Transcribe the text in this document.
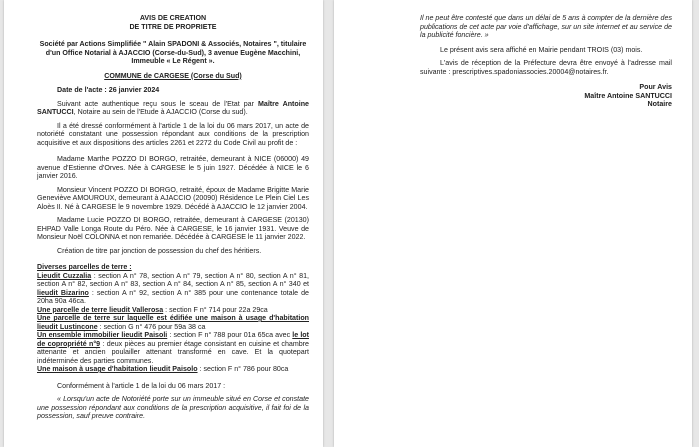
AVIS DE CREATION
DE TITRE DE PROPRIETE

Société par Actions Simplifiée " Alain SPADONI & Associés, Notaires ", titulaire d'un Office Notarial à AJACCIO (Corse-du-Sud), 3 avenue Eugène Macchini, Immeuble « Le Régent ».

COMMUNE de CARGESE (Corse du Sud)

Date de l'acte : 26 janvier 2024

Suivant acte authentique reçu sous le sceau de l'Etat par Maître Antoine SANTUCCI, Notaire au sein de l'Etude à AJACCIO (Corse du sud).

Il a été dressé conformément à l'article 1 de la loi du 06 mars 2017, un acte de notoriété constatant une possession répondant aux conditions de la prescription acquisitive et aux dispositions des articles 2261 et 2272 du Code Civil au profit de :

Madame Marthe POZZO DI BORGO, retraitée, demeurant à NICE (06000) 49 avenue d'Estienne d'Orves. Née à CARGESE le 5 juin 1927. Décédée à NICE le 6 janvier 2016.

Monsieur Vincent POZZO DI BORGO, retraité, époux de Madame Brigitte Marie Geneviève AMOUROUX, demeurant à AJACCIO (20090) Résidence Le Plein Ciel Les Aloès II. Né à CARGESE le 9 novembre 1929. Décédé à AJACCIO le 12 janvier 2004.

Madame Lucie POZZO DI BORGO, retraitée, demeurant à CARGESE (20130) EHPAD Valle Longa Route du Péro. Née à CARGESE, le 16 janvier 1931. Veuve de Monsieur Noël COLONNA et non remariée. Décédée à CARGESE le 11 janvier 2022.

Création de titre par jonction de possession du chef des héritiers.

Diverses parcelles de terre :
Lieudit Cuzzalia : section A n° 78, section A n° 79, section A n° 80, section A n° 81, section A n° 82, section A n° 83, section A n° 84, section A n° 85, section A n° 340 et lieudit Bizarino : section A n° 92, section A n° 385 pour une contenance totale de 20ha 90a 46ca.
Une parcelle de terre lieudit Vallerosa : section F n° 714 pour 22a 29ca
Une parcelle de terre sur laquelle est édifiée une maison à usage d'habitation lieudit Lustincone : section G n° 476 pour 59a 38 ca
Un ensemble immobilier lieudit Paisoli : section F n° 788 pour 01a 65ca avec le lot de copropriété n°9 : deux pièces au premier étage consistant en cuisine et chambre attenante et ancien poulailler attenant transformé en cave. Et la quotepart indéterminée des parties communes.
Une maison à usage d'habitation lieudit Paisolo : section F n° 786 pour 80ca

Conformément à l'article 1 de la loi du 06 mars 2017 :

« Lorsqu'un acte de Notoriété porte sur un immeuble situé en Corse et constate une possession répondant aux conditions de la prescription acquisitive, il fait foi de la possession, sauf preuve contraire.

Il ne peut être contesté que dans un délai de 5 ans à compter de la dernière des publications de cet acte par voie d'affichage, sur un site internet et au service de la publicité foncière. »

Le présent avis sera affiché en Mairie pendant TROIS (03) mois.

L'avis de réception de la Préfecture devra être envoyé à l'adresse mail suivante : prescriptives.spadoniassocies.20004@notaires.fr.

Pour Avis
Maître Antoine SANTUCCI
Notaire
